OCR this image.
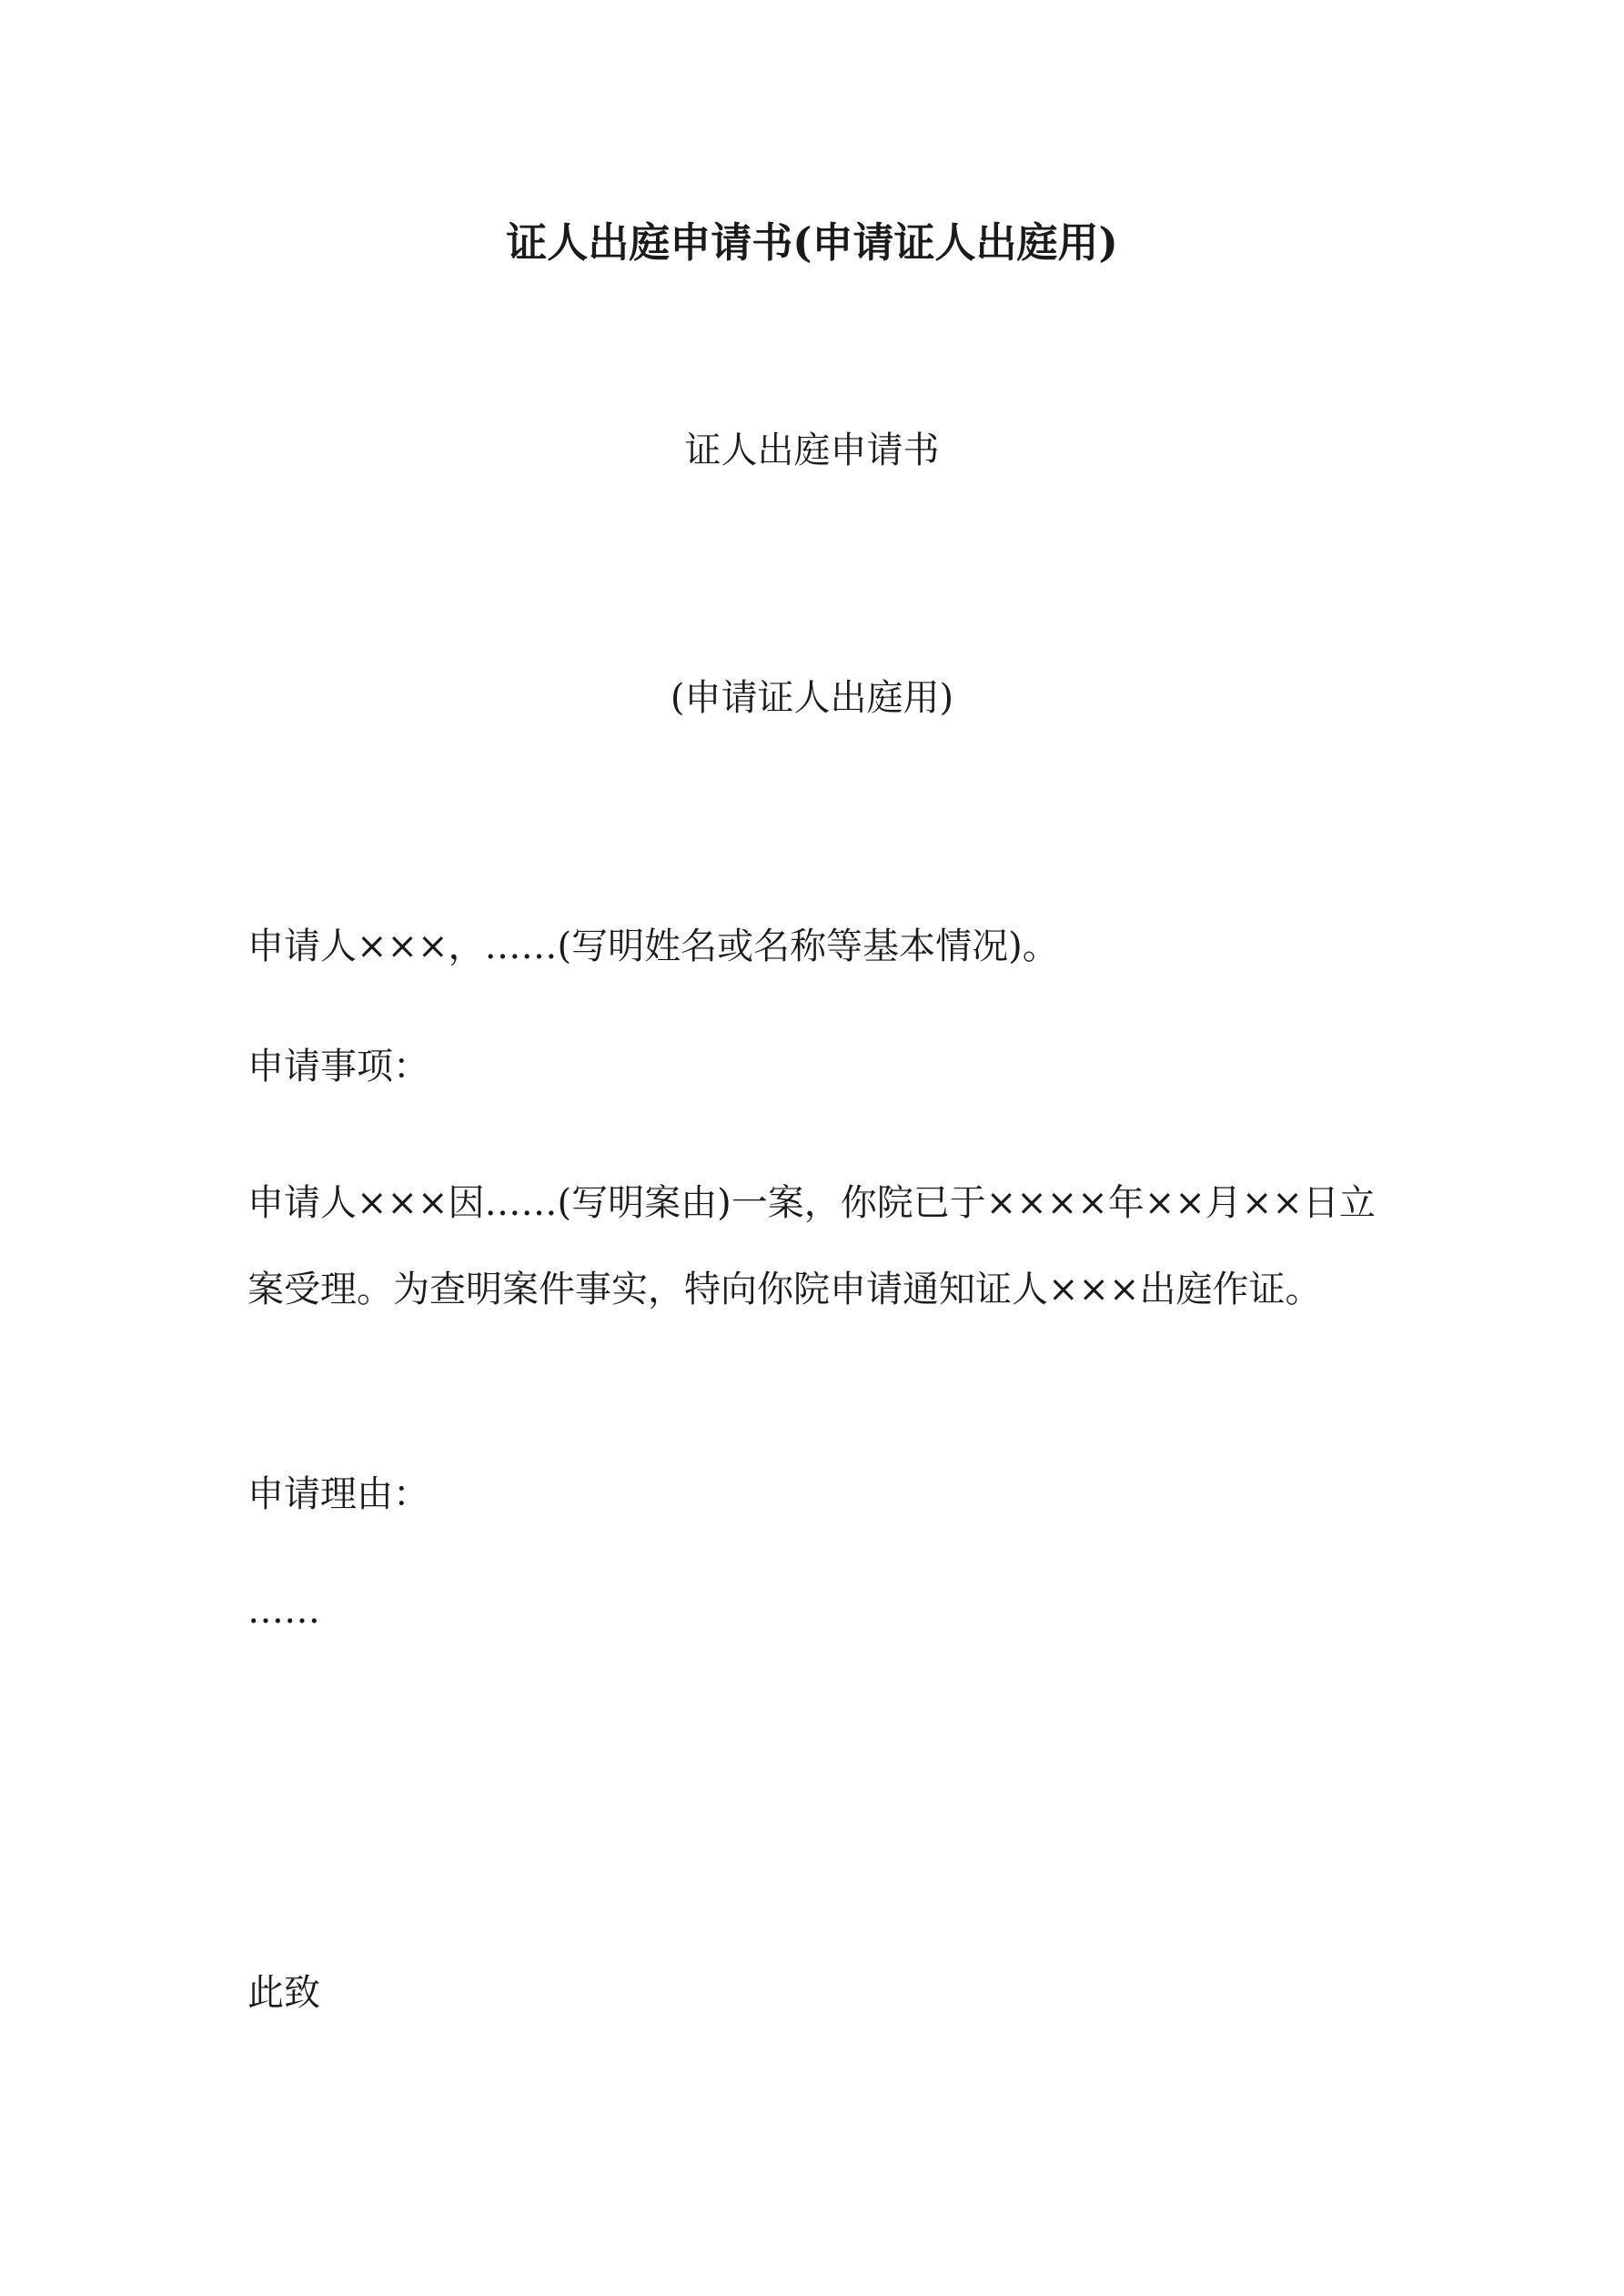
证人出庭申请书(申请证人出庭用)

证人出庭申请书

(申请证人出庭用)

申请人×××，……(写明姓名或名称等基本情况)。

申请事项：

申请人×××因……(写明案由)一案，你院已于××××年××月××日立案受理。为查明案件事实，特向你院申请通知证人×××出庭作证。

申请理由：

……

此致
